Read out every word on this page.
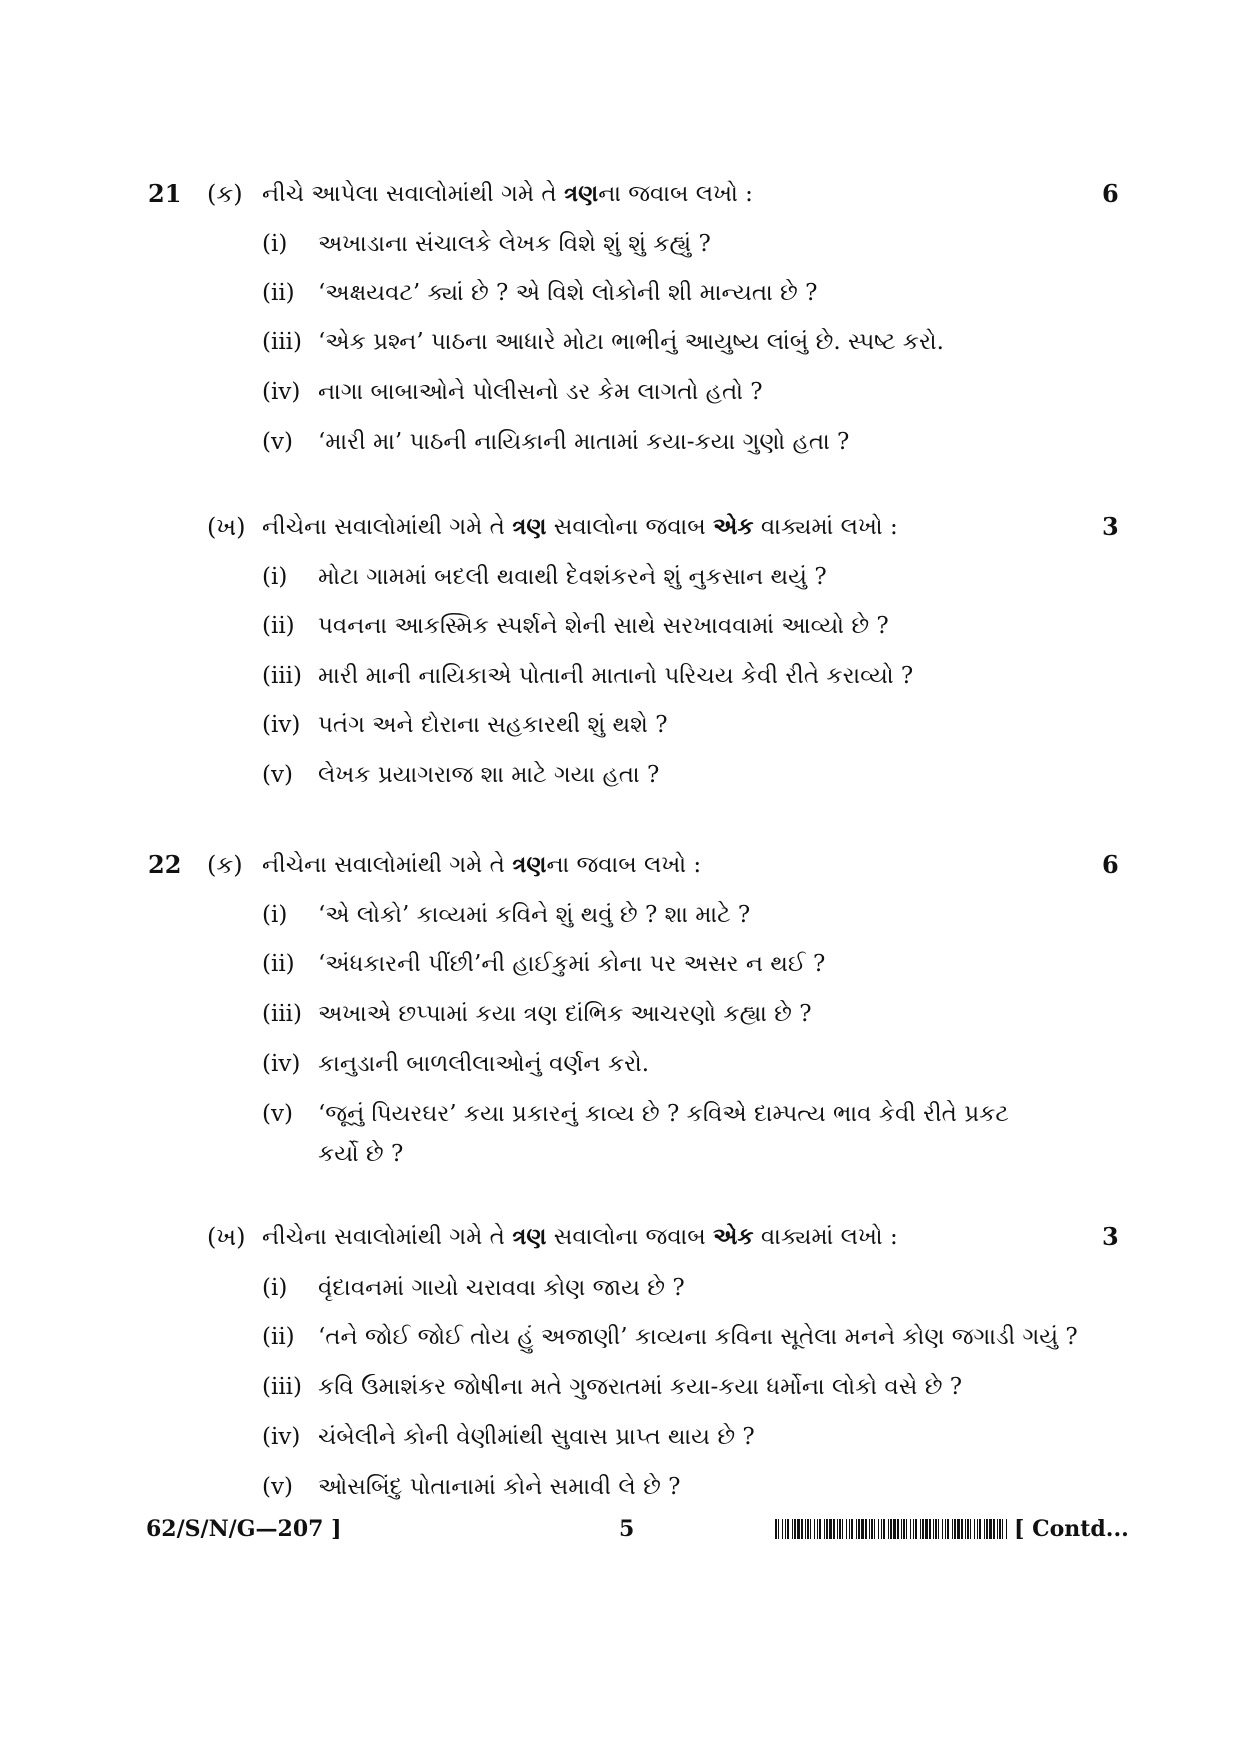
21 (ક) નીચે આપેલા સવાલોમાંથી ગમે તે ત્રણના જવાબ લખો :	6
(i) અખાડાના સંચાલકે લેખક વિશે શું શું કહ્યું ?
(ii) ‘અક્ષયવટ’ ક્યાં છે ? એ વિશે લોકોની શી માન્યતા છે ?
(iii) ‘એક પ્રશ્ન’ પાઠના આધારે મોટા ભાભીનું આયુષ્ય લાંબું છે. સ્પષ્ટ કરો.
(iv) નાગા બાબાઓને પોલીસનો ડર કેમ લાગતો હતો ?
(v) ‘મારી મા’ પાઠની નાયિકાની માતામાં કયા-કયા ગુણો હતા ?
(ખ) નીચેના સવાલોમાંથી ગમે તે ત્રણ સવાલોના જવાબ એક વાક્યમાં લખો :	3
(i) મોટા ગામમાં બદલી થવાથી દેવશંકરને શું નુકસાન થયું ?
(ii) પવનના આકસ્મિક સ્પર્શને શેની સાથે સરખાવવામાં આવ્યો છે ?
(iii) મારી માની નાયિકાએ પોતાની માતાનો પરિચય કેવી રીતે કરાવ્યો ?
(iv) પતંગ અને દોરાના સહકારથી શું થશે ?
(v) લેખક પ્રયાગરાજ શા માટે ગયા હતા ?
22 (ક) નીચેના સવાલોમાંથી ગમે તે ત્રણના જવાબ લખો :	6
(i) ‘એ લોકો’ કાવ્યમાં કવિને શું થવું છે ? શા માટે ?
(ii) ‘અંધકારની પીંછી’ની હાઈકુમાં કોના પર અસર ન થઈ ?
(iii) અખાએ છપ્પામાં કયા ત્રણ દાંભિક આચરણો કહ્યા છે ?
(iv) કાનુડાની બાળલીલાઓનું વર્ણન કરો.
(v) ‘જૂનું પિયરઘર’ કયા પ્રકારનું કાવ્ય છે ? કવિએ દામ્પત્ય ભાવ કેવી રીતે પ્રકટ કર્યો છે ?
(ખ) નીચેના સવાલોમાંથી ગમે તે ત્રણ સવાલોના જવાબ એક વાક્યમાં લખો :	3
(i) વૃંદાવનમાં ગાયો ચરાવવા કોણ જાય છે ?
(ii) ‘તને જોઈ જોઈ તોય હું અજાણી’ કાવ્યના કવિના સૂતેલા મનને કોણ જગાડી ગયું ?
(iii) કવિ ઉમાશંકર જોષીના મતે ગુજરાતમાં કયા-કયા ધર્મોના લોકો વસે છે ?
(iv) ચંબેલીને કોની વેણીમાંથી સુવાસ પ્રાપ્ત થાય છે ?
(v) ઓસબિંદુ પોતાનામાં કોને સમાવી લે છે ?
62/S/N/G—207 ]	5	[ Contd...
